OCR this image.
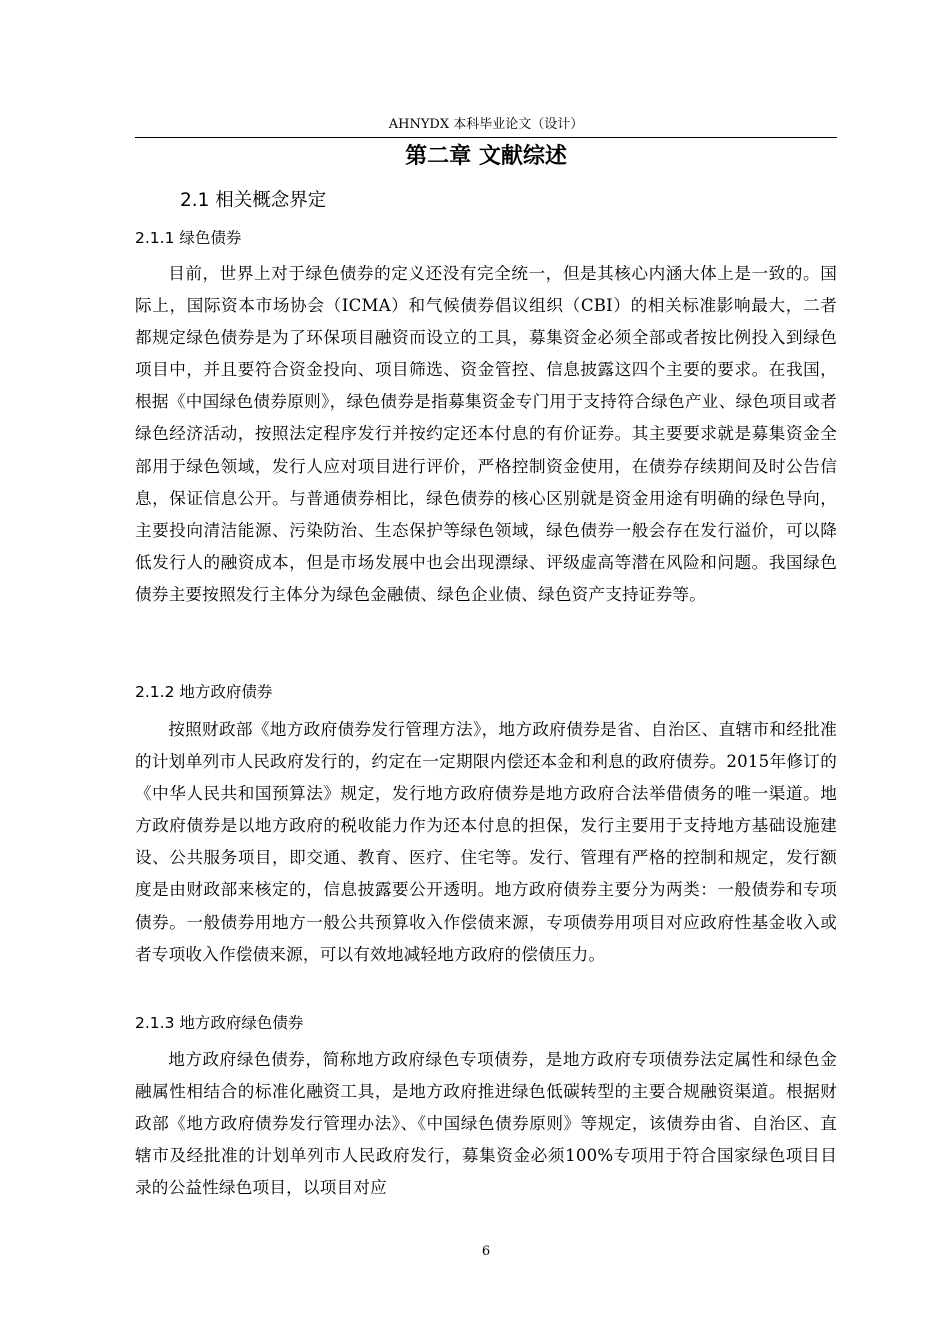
AHNYDX 本科毕业论文（设计）
第二章 文献综述
2.1 相关概念界定
2.1.1 绿色债券

目前，世界上对于绿色债券的定义还没有完全统一，但是其核心内涵大体上是一致的。国际上，国际资本市场协会（ICMA）和气候债券倡议组织（CBI）的相关标准影响最大，二者都规定绿色债券是为了环保项目融资而设立的工具，募集资金必须全部或者按比例投入到绿色项目中，并且要符合资金投向、项目筛选、资金管控、信息披露这四个主要的要求。在我国，根据《中国绿色债券原则》，绿色债券是指募集资金专门用于支持符合绿色产业、绿色项目或者绿色经济活动，按照法定程序发行并按约定还本付息的有价证券。其主要要求就是募集资金全部用于绿色领域，发行人应对项目进行评价，严格控制资金使用，在债券存续期间及时公告信息，保证信息公开。与普通债券相比，绿色债券的核心区别就是资金用途有明确的绿色导向，主要投向清洁能源、污染防治、生态保护等绿色领域，绿色债券一般会存在发行溢价，可以降低发行人的融资成本，但是市场发展中也会出现漂绿、评级虚高等潜在风险和问题。我国绿色债券主要按照发行主体分为绿色金融债、绿色企业债、绿色资产支持证券等。

2.1.2 地方政府债券

按照财政部《地方政府债券发行管理方法》，地方政府债券是省、自治区、直辖市和经批准的计划单列市人民政府发行的，约定在一定期限内偿还本金和利息的政府债券。2015年修订的《中华人民共和国预算法》规定，发行地方政府债券是地方政府合法举借债务的唯一渠道。地方政府债券是以地方政府的税收能力作为还本付息的担保，发行主要用于支持地方基础设施建设、公共服务项目，即交通、教育、医疗、住宅等。发行、管理有严格的控制和规定，发行额度是由财政部来核定的，信息披露要公开透明。地方政府债券主要分为两类：一般债券和专项债券。一般债券用地方一般公共预算收入作偿债来源，专项债券用项目对应政府性基金收入或者专项收入作偿债来源，可以有效地减轻地方政府的偿债压力。

2.1.3 地方政府绿色债券

地方政府绿色债券，简称地方政府绿色专项债券，是地方政府专项债券法定属性和绿色金融属性相结合的标准化融资工具，是地方政府推进绿色低碳转型的主要合规融资渠道。根据财政部《地方政府债券发行管理办法》、《中国绿色债券原则》等规定，该债券由省、自治区、直辖市及经批准的计划单列市人民政府发行，募集资金必须100%专项用于符合国家绿色项目目录的公益性绿色项目，以项目对应

6
